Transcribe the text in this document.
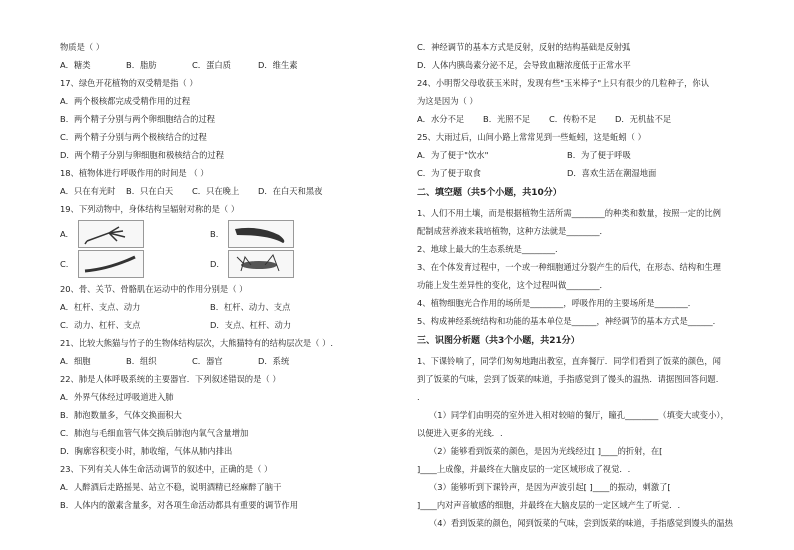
物质是（ ）
A．糖类	B．脂肪	C．蛋白质	D．维生素
17、绿色开花植物的双受精是指（ ）
A．两个极核都完成受精作用的过程
B．两个精子分别与两个卵细胞结合的过程
C．两个精子分别与两个极核结合的过程
D．两个精子分别与卵细胞和极核结合的过程
18、植物体进行呼吸作用的时间是 （ ）
A．只在有光时	B．只在白天	C．只在晚上	D．在白天和黑夜
19、下列动物中，身体结构呈辐射对称的是（ ）
A.	B.
C.	D.
20、骨、关节、骨骼肌在运动中的作用分别是（ ）
A．杠杆、支点、动力	B．杠杆、动力、支点
C．动力、杠杆、支点	D．支点、杠杆、动力
21、比较大熊猫与竹子的生物体结构层次，大熊猫特有的结构层次是（ ）.
A．细胞	B．组织	C．器官	D．系统
22、肺是人体呼吸系统的主要器官．下列叙述错误的是（ ）
A．外界气体经过呼吸道进入肺
B．肺泡数量多，气体交换面积大
C．肺泡与毛细血管气体交换后肺泡内氧气含量增加
D．胸廓容积变小时，肺收缩，气体从肺内排出
23、下列有关人体生命活动调节的叙述中，正确的是（ ）
A．人醉酒后走路摇晃、站立不稳，说明酒精已经麻醉了脑干
B．人体内的激素含量多，对各项生命活动都具有重要的调节作用
C．神经调节的基本方式是反射，反射的结构基础是反射弧
D．人体内胰岛素分泌不足，会导致血糖浓度低于正常水平
24、小明帮父母收获玉米时，发现有些"玉米棒子"上只有很少的几粒种子，你认
为这是因为（ ）
A．水分不足	B．光照不足	C．传粉不足	D．无机盐不足
25、大雨过后，山间小路上常常见到一些蚯蚓，这是蚯蚓（ ）
A．为了便于"饮水"	B．为了便于呼吸
C．为了便于取食	D．喜欢生活在潮湿地面
二、填空题（共5个小题，共10分）
1、人们不用土壤，而是根据植物生活所需________的种类和数量，按照一定的比例
配制成营养液来栽培植物，这种方法就是________．
2、地球上最大的生态系统是________.
3、在个体发育过程中，一个或一种细胞通过分裂产生的后代，在形态、结构和生理
功能上发生差异性的变化，这个过程叫做________．
4、植物细胞光合作用的场所是________，呼吸作用的主要场所是________．
5、构成神经系统结构和功能的基本单位是______，神经调节的基本方式是______.
三、识图分析题（共3个小题，共21分）
1、下课铃响了，同学们匆匆地跑出教室，直奔餐厅．同学们看到了饭菜的颜色，闻
到了饭菜的气味，尝到了饭菜的味道，手指感觉到了馒头的温热．请据图回答问题.
.
（1）同学们由明亮的室外进入相对较暗的餐厅，瞳孔________（填变大或变小），
以便进入更多的光线．.
（2）能够看到饭菜的颜色，是因为光线经过[ ]____的折射，在[
]____上成像，并最终在大脑皮层的一定区域形成了视觉．.
（3）能够听到下课铃声，是因为声波引起[ ]____的振动，刺激了[
]____内对声音敏感的细胞，并最终在大脑皮层的一定区域产生了听觉．.
（4）看到饭菜的颜色，闻到饭菜的气味，尝到饭菜的味道，手指感觉到馒头的温热
